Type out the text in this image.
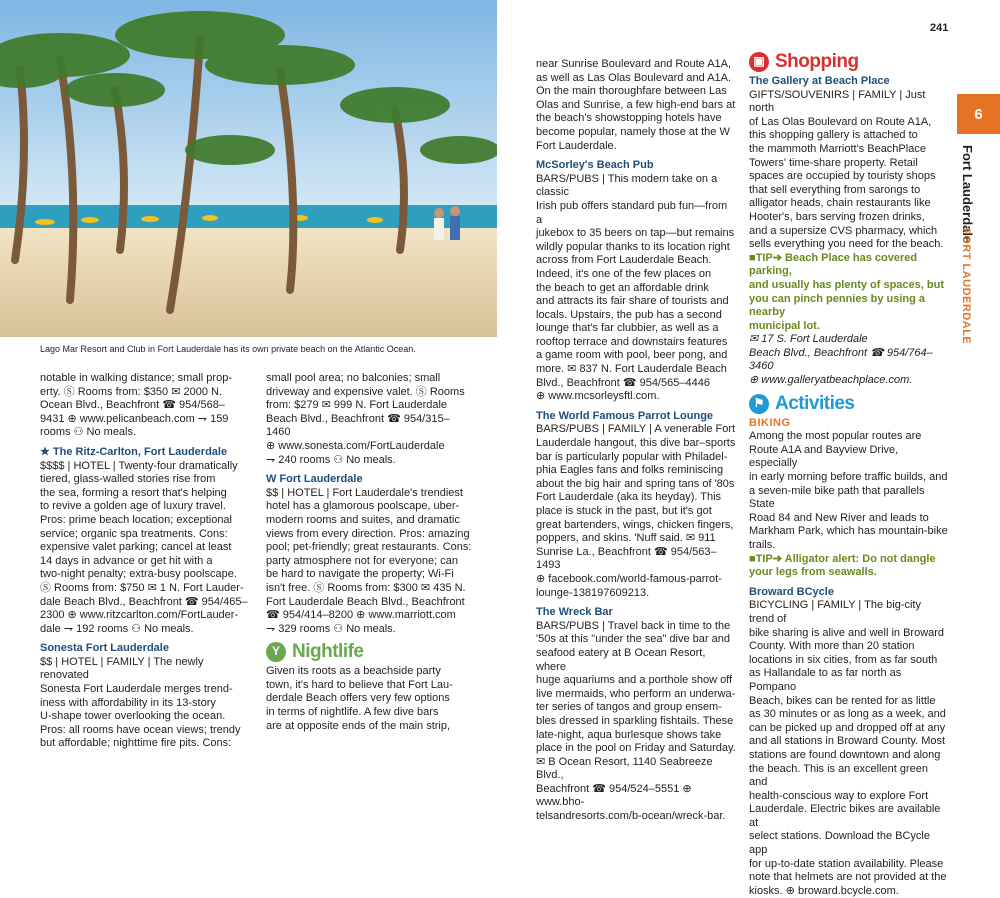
Lago Mar Resort and Club in Fort Lauderdale has its own private beach on the Atlantic Ocean.
241
6
Fort Lauderdale
FORT LAUDERDALE

notable in walking distance; small prop-

erty. Ⓢ Rooms from: $350 ✉ 2000 N.

Ocean Blvd., Beachfront ☎ 954/568–

9431 ⊕ www.pelicanbeach.com ⇁ 159

rooms ⚇ No meals.

★ The Ritz-Carlton, Fort Lauderdale

$$$$ | HOTEL | Twenty-four dramatically

tiered, glass-walled stories rise from

the sea, forming a resort that's helping

to revive a golden age of luxury travel.

Pros: prime beach location; exceptional

service; organic spa treatments. Cons:

expensive valet parking; cancel at least

14 days in advance or get hit with a

two-night penalty; extra-busy poolscape.

Ⓢ Rooms from: $750 ✉ 1 N. Fort Lauder-

dale Beach Blvd., Beachfront ☎ 954/465–

2300 ⊕ www.ritzcarlton.com/FortLauder-

dale ⇁ 192 rooms ⚇ No meals.

Sonesta Fort Lauderdale

$$ | HOTEL | FAMILY | The newly renovated

Sonesta Fort Lauderdale merges trend-

iness with affordability in its 13-story

U-shape tower overlooking the ocean.

Pros: all rooms have ocean views; trendy

but affordable; nighttime fire pits. Cons:

small pool area; no balconies; small

driveway and expensive valet. Ⓢ Rooms

from: $279 ✉ 999 N. Fort Lauderdale

Beach Blvd., Beachfront ☎ 954/315–1460

⊕ www.sonesta.com/FortLauderdale

⇁ 240 rooms ⚇ No meals.

W Fort Lauderdale

$$ | HOTEL | Fort Lauderdale's trendiest

hotel has a glamorous poolscape, uber-

modern rooms and suites, and dramatic

views from every direction. Pros: amazing

pool; pet-friendly; great restaurants. Cons:

party atmosphere not for everyone; can

be hard to navigate the property; Wi-Fi

isn't free. Ⓢ Rooms from: $300 ✉ 435 N.

Fort Lauderdale Beach Blvd., Beachfront

☎ 954/414–8200 ⊕ www.marriott.com

⇁ 329 rooms ⚇ No meals.

Y Nightlife

Given its roots as a beachside party

town, it's hard to believe that Fort Lau-

derdale Beach offers very few options

in terms of nightlife. A few dive bars

are at opposite ends of the main strip,

near Sunrise Boulevard and Route A1A,

as well as Las Olas Boulevard and A1A.

On the main thoroughfare between Las

Olas and Sunrise, a few high-end bars at

the beach's showstopping hotels have

become popular, namely those at the W

Fort Lauderdale.

McSorley's Beach Pub

BARS/PUBS | This modern take on a classic

Irish pub offers standard pub fun—from a

jukebox to 35 beers on tap—but remains

wildly popular thanks to its location right

across from Fort Lauderdale Beach.

Indeed, it's one of the few places on

the beach to get an affordable drink

and attracts its fair share of tourists and

locals. Upstairs, the pub has a second

lounge that's far clubbier, as well as a

rooftop terrace and downstairs features

a game room with pool, beer pong, and

more. ✉ 837 N. Fort Lauderdale Beach

Blvd., Beachfront ☎ 954/565–4446

⊕ www.mcsorleysftl.com.

The World Famous Parrot Lounge

BARS/PUBS | FAMILY | A venerable Fort

Lauderdale hangout, this dive bar–sports

bar is particularly popular with Philadel-

phia Eagles fans and folks reminiscing

about the big hair and spring tans of '80s

Fort Lauderdale (aka its heyday). This

place is stuck in the past, but it's got

great bartenders, wings, chicken fingers,

poppers, and skins. 'Nuff said. ✉ 911

Sunrise La., Beachfront ☎ 954/563–1493

⊕ facebook.com/world-famous-parrot-

lounge-138197609213.

The Wreck Bar

BARS/PUBS | Travel back in time to the

'50s at this "under the sea" dive bar and

seafood eatery at B Ocean Resort, where

huge aquariums and a porthole show off

live mermaids, who perform an underwa-

ter series of tangos and group ensem-

bles dressed in sparkling fishtails. These

late-night, aqua burlesque shows take

place in the pool on Friday and Saturday.

✉ B Ocean Resort, 1140 Seabreeze Blvd.,

Beachfront ☎ 954/524–5551 ⊕ www.bho-

telsandresorts.com/b-ocean/wreck-bar.

▣ Shopping

The Gallery at Beach Place

GIFTS/SOUVENIRS | FAMILY | Just north

of Las Olas Boulevard on Route A1A,

this shopping gallery is attached to

the mammoth Marriott's BeachPlace

Towers' time-share property. Retail

spaces are occupied by touristy shops

that sell everything from sarongs to

alligator heads, chain restaurants like

Hooter's, bars serving frozen drinks,

and a supersize CVS pharmacy, which

sells everything you need for the beach.

■TIP➔ Beach Place has covered parking,

and usually has plenty of spaces, but

you can pinch pennies by using a nearby

municipal lot.

✉ 17 S. Fort Lauderdale

Beach Blvd., Beachfront ☎ 954/764–3460

⊕ www.galleryatbeachplace.com.

⚑ Activities

BIKING

Among the most popular routes are

Route A1A and Bayview Drive, especially

in early morning before traffic builds, and

a seven-mile bike path that parallels State

Road 84 and New River and leads to

Markham Park, which has mountain-bike

trails.

■TIP➔ Alligator alert: Do not dangle

your legs from seawalls.

Broward BCycle

BICYCLING | FAMILY | The big-city trend of

bike sharing is alive and well in Broward

County. With more than 20 station

locations in six cities, from as far south

as Hallandale to as far north as Pompano

Beach, bikes can be rented for as little

as 30 minutes or as long as a week, and

can be picked up and dropped off at any

and all stations in Broward County. Most

stations are found downtown and along

the beach. This is an excellent green and

health-conscious way to explore Fort

Lauderdale. Electric bikes are available at

select stations. Download the BCycle app

for up-to-date station availability. Please

note that helmets are not provided at the

kiosks. ⊕ broward.bcycle.com.
